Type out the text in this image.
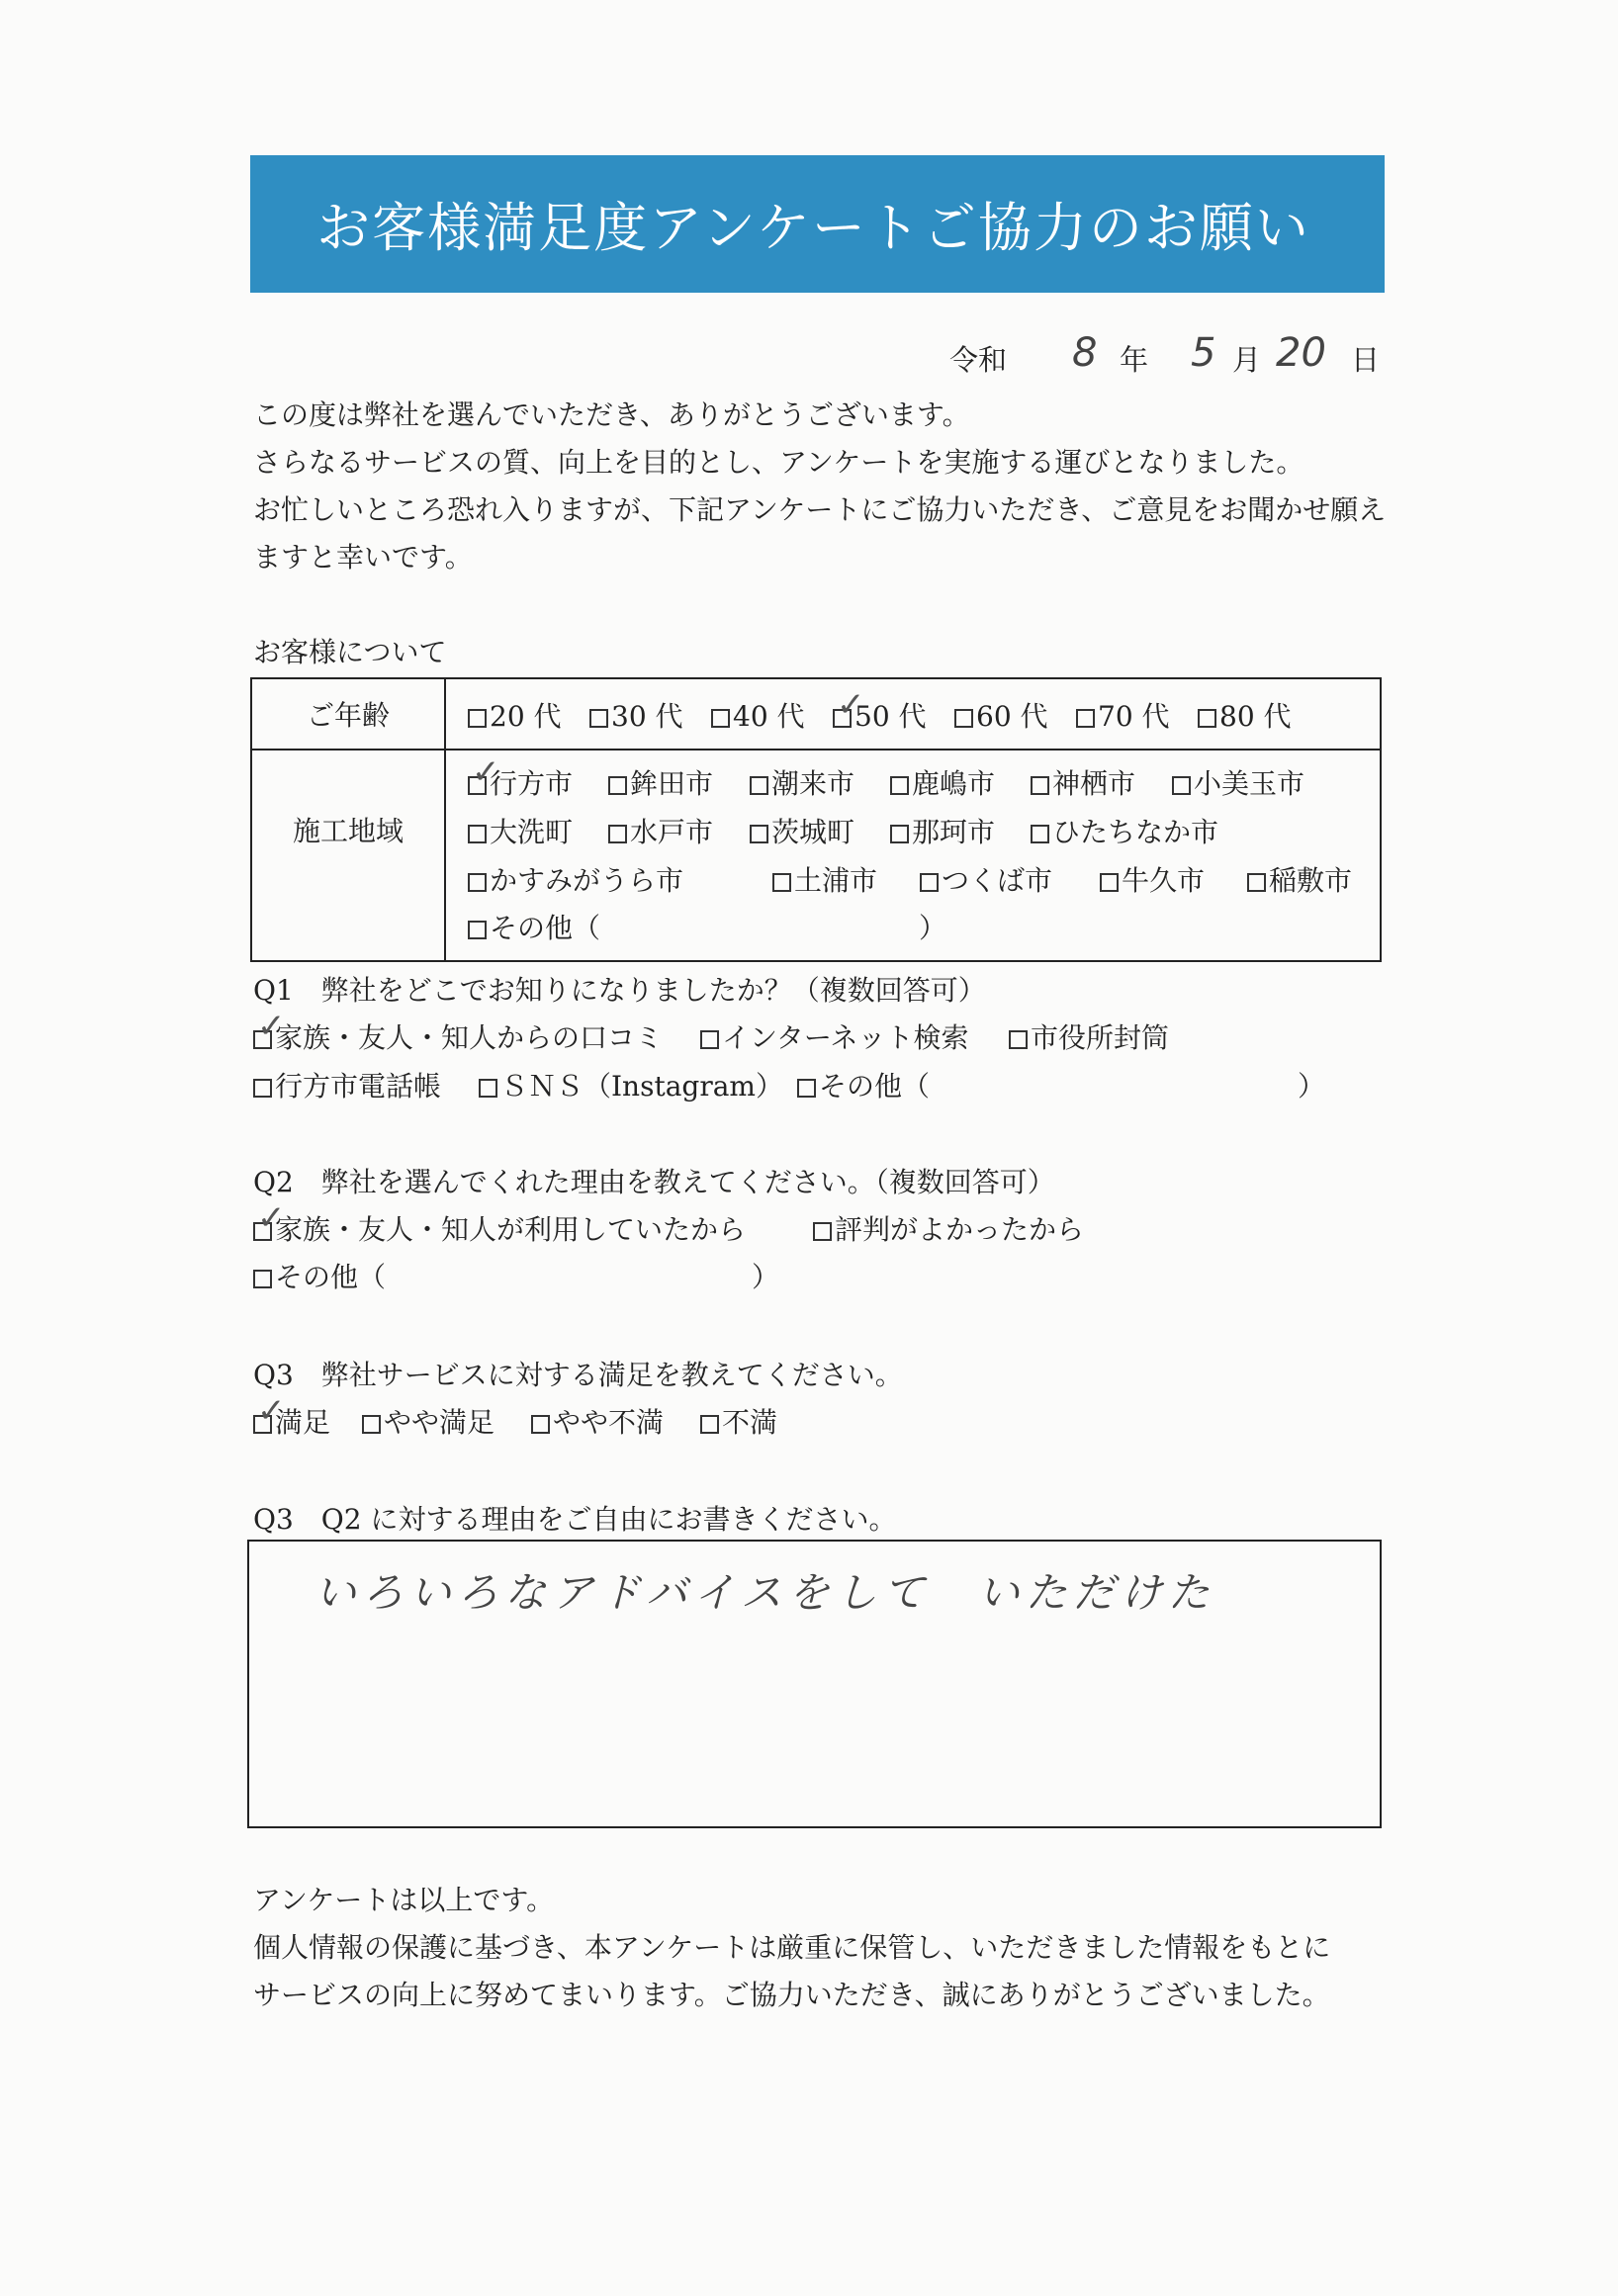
お客様満足度アンケートご協力のお願い
令和 8 年 5 月 20 日
この度は弊社を選んでいただき、ありがとうございます。
さらなるサービスの質、向上を目的とし、アンケートを実施する運びとなりました。
お忙しいところ恐れ入りますが、下記アンケートにご協力いただき、ご意見をお聞かせ願え
ますと幸いです。
お客様について
ご年齢	20 代	30 代	40 代
✓	50 代	60 代	70 代	80 代
施工地域
✓行方市	鉾田市	潮来市	鹿嶋市	神栖市	小美玉市
大洗町	水戸市	茨城町	那珂市	ひたちなか市
かすみがうら市	土浦市	つくば市	牛久市	稲敷市
その他（	）
Q1　弊社をどこでお知りになりましたか？（複数回答可）
✓家族・友人・知人からの口コミ	インターネット検索	市役所封筒
行方市電話帳	ＳＮＳ（Instagram）	その他（	）
Q2　弊社を選んでくれた理由を教えてください。（複数回答可）
✓家族・友人・知人が利用していたから	評判がよかったから
その他（	）
Q3　弊社サービスに対する満足を教えてください。
✓満足	やや満足	やや不満	不満
Q3　Q2 に対する理由をご自由にお書きください。
いろいろなアドバイスをして　いただけた
アンケートは以上です。
個人情報の保護に基づき、本アンケートは厳重に保管し、いただきました情報をもとに
サービスの向上に努めてまいります。ご協力いただき、誠にありがとうございました。
